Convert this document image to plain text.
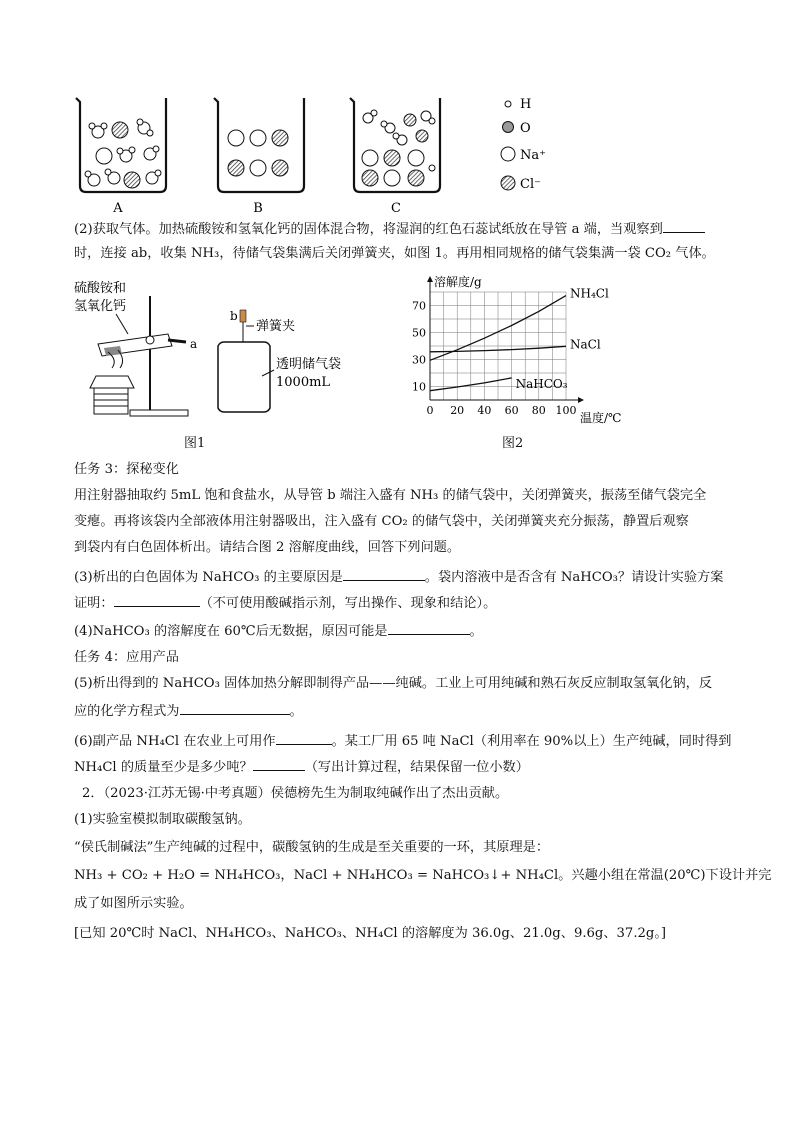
A	B	C
H
O
Na⁺
Cl⁻
(2)获取气体。加热硫酸铵和氢氧化钙的固体混合物，将湿润的红色石蕊试纸放在导管 a 端，当观察到
时，连接 ab，收集 NH₃，待储气袋集满后关闭弹簧夹，如图 1。再用相同规格的储气袋集满一袋 CO₂ 气体。
硫酸铵和
氢氧化钙
a
b
弹簧夹
透明储气袋
1000mL
图1
0 20 40 60 80 100
10
30
50
70
NH₄Cl
NaCl
NaHCO₃
溶解度/g
温度/℃
图2
任务 3：探秘变化
用注射器抽取约 5mL 饱和食盐水，从导管 b 端注入盛有 NH₃ 的储气袋中，关闭弹簧夹，振荡至储气袋完全
变瘪。再将该袋内全部液体用注射器吸出，注入盛有 CO₂ 的储气袋中，关闭弹簧夹充分振荡，静置后观察
到袋内有白色固体析出。请结合图 2 溶解度曲线，回答下列问题。
(3)析出的白色固体为 NaHCO₃ 的主要原因是	。袋内溶液中是否含有 NaHCO₃？请设计实验方案
证明：	（不可使用酸碱指示剂，写出操作、现象和结论）。
(4)NaHCO₃ 的溶解度在 60℃后无数据，原因可能是	。
任务 4：应用产品
(5)析出得到的 NaHCO₃ 固体加热分解即制得产品——纯碱。工业上可用纯碱和熟石灰反应制取氢氧化钠，反
应的化学方程式为	。
(6)副产品 NH₄Cl 在农业上可用作	。某工厂用 65 吨 NaCl（利用率在 90%以上）生产纯碱，同时得到
NH₄Cl 的质量至少是多少吨？	（写出计算过程，结果保留一位小数）
2．（2023·江苏无锡·中考真题）侯德榜先生为制取纯碱作出了杰出贡献。
(1)实验室模拟制取碳酸氢钠。
“侯氏制碱法”生产纯碱的过程中，碳酸氢钠的生成是至关重要的一环，其原理是：
NH₃ + CO₂ + H₂O = NH₄HCO₃，NaCl + NH₄HCO₃ = NaHCO₃↓+ NH₄Cl。兴趣小组在常温(20℃)下设计并完
成了如图所示实验。
[已知 20℃时 NaCl、NH₄HCO₃、NaHCO₃、NH₄Cl 的溶解度为 36.0g、21.0g、9.6g、37.2g。]
